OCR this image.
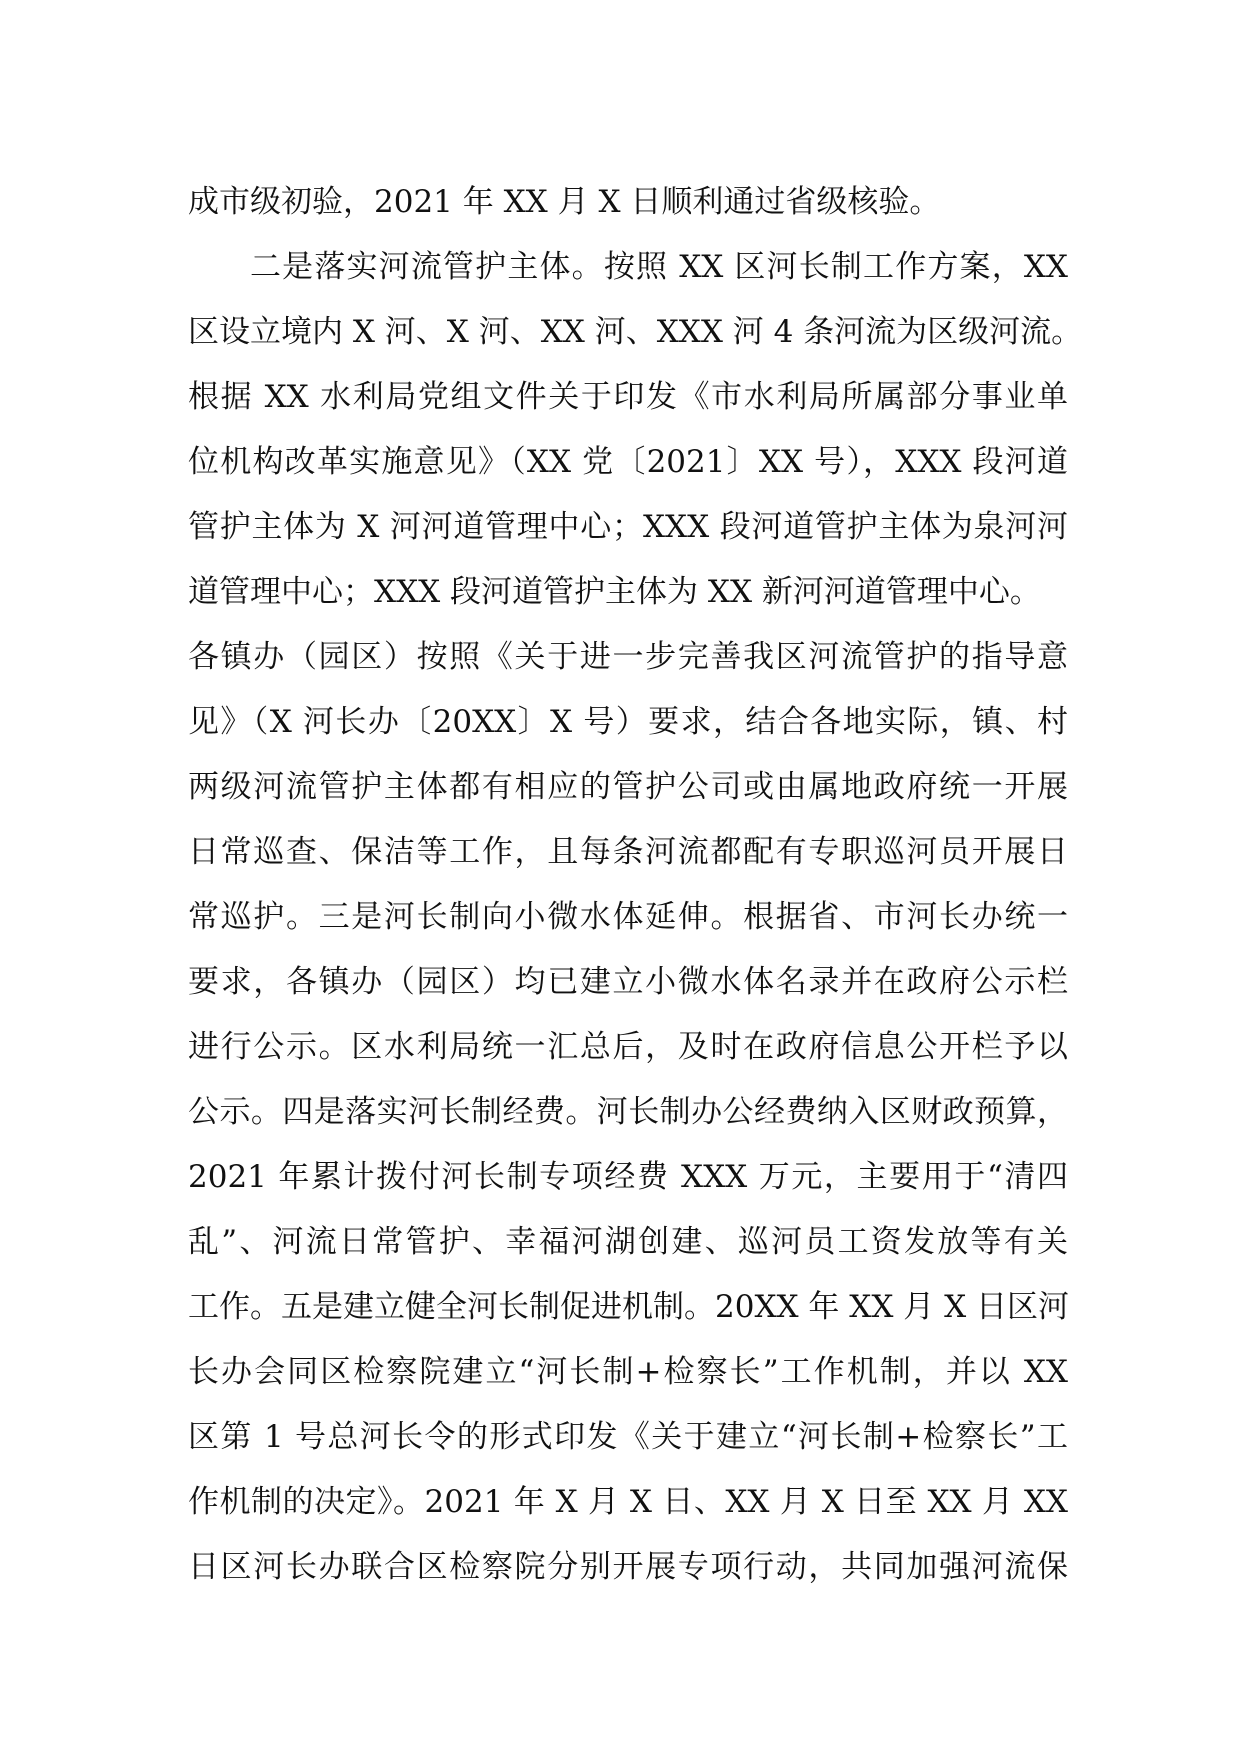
成市级初验，2021 年 XX 月 X 日顺利通过省级核验。
二是落实河流管护主体。按照 XX 区河长制工作方案，XX
区设立境内 X 河、X 河、XX 河、XXX 河 4 条河流为区级河流。
根据 XX 水利局党组文件关于印发《市水利局所属部分事业单
位机构改革实施意见》（XX 党〔2021〕XX 号），XXX 段河道
管护主体为 X 河河道管理中心；XXX 段河道管护主体为泉河河
道管理中心；XXX 段河道管护主体为 XX 新河河道管理中心。
各镇办（园区）按照《关于进一步完善我区河流管护的指导意
见》（X 河长办〔20XX〕X 号）要求，结合各地实际，镇、村
两级河流管护主体都有相应的管护公司或由属地政府统一开展
日常巡查、保洁等工作，且每条河流都配有专职巡河员开展日
常巡护。三是河长制向小微水体延伸。根据省、市河长办统一
要求，各镇办（园区）均已建立小微水体名录并在政府公示栏
进行公示。区水利局统一汇总后，及时在政府信息公开栏予以
公示。四是落实河长制经费。河长制办公经费纳入区财政预算，
2021 年累计拨付河长制专项经费 XXX 万元，主要用于“清四
乱”、河流日常管护、幸福河湖创建、巡河员工资发放等有关
工作。五是建立健全河长制促进机制。20XX 年 XX 月 X 日区河
长办会同区检察院建立“河长制+检察长”工作机制，并以 XX
区第 1 号总河长令的形式印发《关于建立“河长制+检察长”工
作机制的决定》。2021 年 X 月 X 日、XX 月 X 日至 XX 月 XX
日区河长办联合区检察院分别开展专项行动，共同加强河流保
